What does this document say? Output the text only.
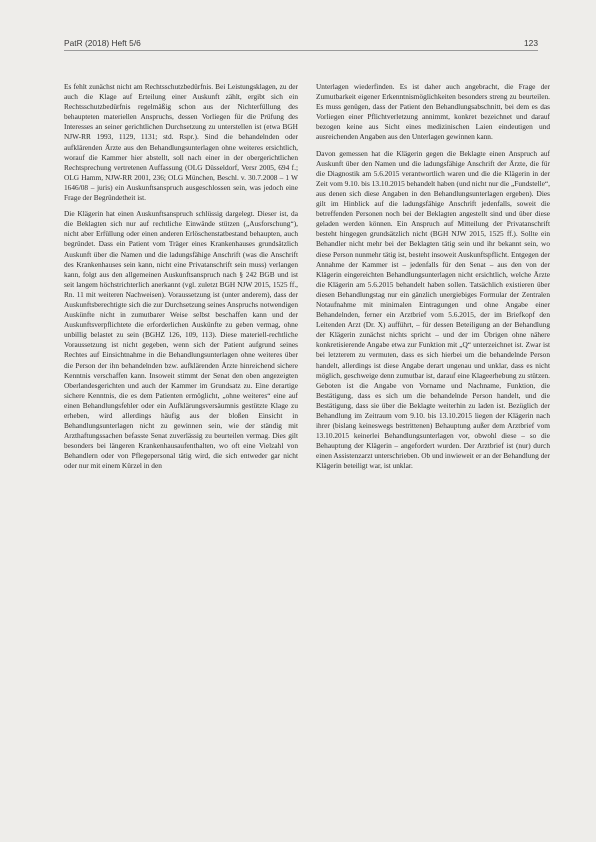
PatR (2018) Heft 5/6	123

Es fehlt zunächst nicht am Rechtsschutzbedürfnis. Bei Leistungsklagen, zu der auch die Klage auf Erteilung einer Auskunft zählt, ergibt sich ein Rechtsschutzbedürfnis regelmäßig schon aus der Nichterfüllung des behaupteten materiellen Anspruchs, dessen Vorliegen für die Prüfung des Interesses an seiner gerichtlichen Durchsetzung zu unterstellen ist (etwa BGH NJW-RR 1993, 1129, 1131; std. Rspr.). Sind die behandelnden oder aufklärenden Ärzte aus den Behandlungsunterlagen ohne weiteres ersichtlich, worauf die Kammer hier abstellt, soll nach einer in der obergerichtlichen Rechtsprechung vertretenen Auffassung (OLG Düsseldorf, Versr 2005, 694 f.; OLG Hamm, NJW-RR 2001, 236; OLG München, Beschl. v. 30.7.2008 – 1 W 1646/08 – juris) ein Auskunftsanspruch ausgeschlossen sein, was jedoch eine Frage der Begründetheit ist.

Die Klägerin hat einen Auskunftsanspruch schlüssig dargelegt. Dieser ist, da die Beklagten sich nur auf rechtliche Einwände stützen („Ausforschung“), nicht aber Erfüllung oder einen anderen Erlöschenstatbestand behaupten, auch begründet. Dass ein Patient vom Träger eines Krankenhauses grundsätzlich Auskunft über die Namen und die ladungsfähige Anschrift (was die Anschrift des Krankenhauses sein kann, nicht eine Privatanschrift sein muss) verlangen kann, folgt aus den allgemeinen Auskunftsanspruch nach § 242 BGB und ist seit langem höchstrichterlich anerkannt (vgl. zuletzt BGH NJW 2015, 1525 ff., Rn. 11 mit weiteren Nachweisen). Voraussetzung ist (unter anderem), dass der Auskunftsberechtigte sich die zur Durchsetzung seines Anspruchs notwendigen Auskünfte nicht in zumutbarer Weise selbst beschaffen kann und der Auskunftsverpflichtete die erforderlichen Auskünfte zu geben vermag, ohne unbillig belastet zu sein (BGHZ 126, 109, 113). Diese materiell-rechtliche Voraussetzung ist nicht gegeben, wenn sich der Patient aufgrund seines Rechtes auf Einsichtnahme in die Behandlungsunterlagen ohne weiteres über die Person der ihn behandelnden bzw. aufklärenden Ärzte hinreichend sichere Kenntnis verschaffen kann. Insoweit stimmt der Senat den oben angezeigten Oberlandesgerichten und auch der Kammer im Grundsatz zu. Eine derartige sichere Kenntnis, die es dem Patienten ermöglicht, „ohne weiteres“ eine auf einen Behandlungsfehler oder ein Aufklärungsversäumnis gestützte Klage zu erheben, wird allerdings häufig aus der bloßen Einsicht in Behandlungsunterlagen nicht zu gewinnen sein, wie der ständig mit Arzthaftungssachen befasste Senat zuverlässig zu beurteilen vermag. Dies gilt besonders bei längeren Krankenhausaufenthalten, wo oft eine Vielzahl von Behandlern oder von Pflegepersonal tätig wird, die sich entweder gar nicht oder nur mit einem Kürzel in den

Unterlagen wiederfinden. Es ist daher auch angebracht, die Frage der Zumutbarkeit eigener Erkenntnismöglichkeiten besonders streng zu beurteilen. Es muss genügen, dass der Patient den Behandlungsabschnitt, bei dem es das Vorliegen einer Pflichtverletzung annimmt, konkret bezeichnet und darauf bezogen keine aus Sicht eines medizinischen Laien eindeutigen und ausreichenden Angaben aus den Unterlagen gewinnen kann.

Davon gemessen hat die Klägerin gegen die Beklagte einen Anspruch auf Auskunft über den Namen und die ladungsfähige Anschrift der Ärzte, die für die Diagnostik am 5.6.2015 verantwortlich waren und die die Klägerin in der Zeit vom 9.10. bis 13.10.2015 behandelt haben (und nicht nur die „Fundstelle“, aus denen sich diese Angaben in den Behandlungsunterlagen ergeben). Dies gilt im Hinblick auf die ladungsfähige Anschrift jedenfalls, soweit die betreffenden Personen noch bei der Beklagten angestellt sind und über diese geladen werden können. Ein Anspruch auf Mitteilung der Privatanschrift besteht hingegen grundsätzlich nicht (BGH NJW 2015, 1525 ff.). Sollte ein Behandler nicht mehr bei der Beklagten tätig sein und ihr bekannt sein, wo diese Person nunmehr tätig ist, besteht insoweit Auskunftspflicht. Entgegen der Annahme der Kammer ist – jedenfalls für den Senat – aus den von der Klägerin eingereichten Behandlungsunterlagen nicht ersichtlich, welche Ärzte die Klägerin am 5.6.2015 behandelt haben sollen. Tatsächlich existieren über diesen Behandlungstag nur ein gänzlich unergiebiges Formular der Zentralen Notaufnahme mit minimalen Eintragungen und ohne Angabe einer Behandelnden, ferner ein Arztbrief vom 5.6.2015, der im Briefkopf den Leitenden Arzt (Dr. X) aufführt, – für dessen Beteiligung an der Behandlung der Klägerin zunächst nichts spricht – und der im Übrigen ohne nähere konkretisierende Angabe etwa zur Funktion mit „Q“ unterzeichnet ist. Zwar ist bei letzterem zu vermuten, dass es sich hierbei um die behandelnde Person handelt, allerdings ist diese Angabe derart ungenau und unklar, dass es nicht möglich, geschweige denn zumutbar ist, darauf eine Klageerhebung zu stützen. Geboten ist die Angabe von Vorname und Nachname, Funktion, die Bestätigung, dass es sich um die behandelnde Person handelt, und die Bestätigung, dass sie über die Beklagte weiterhin zu laden ist. Bezüglich der Behandlung im Zeitraum vom 9.10. bis 13.10.2015 liegen der Klägerin nach ihrer (bislang keineswegs bestrittenen) Behauptung außer dem Arztbrief vom 13.10.2015 keinerlei Behandlungsunterlagen vor, obwohl diese – so die Behauptung der Klägerin – angefordert wurden. Der Arztbrief ist (nur) durch einen Assistenzarzt unterschrieben. Ob und inwieweit er an der Behandlung der Klägerin beteiligt war, ist unklar.
